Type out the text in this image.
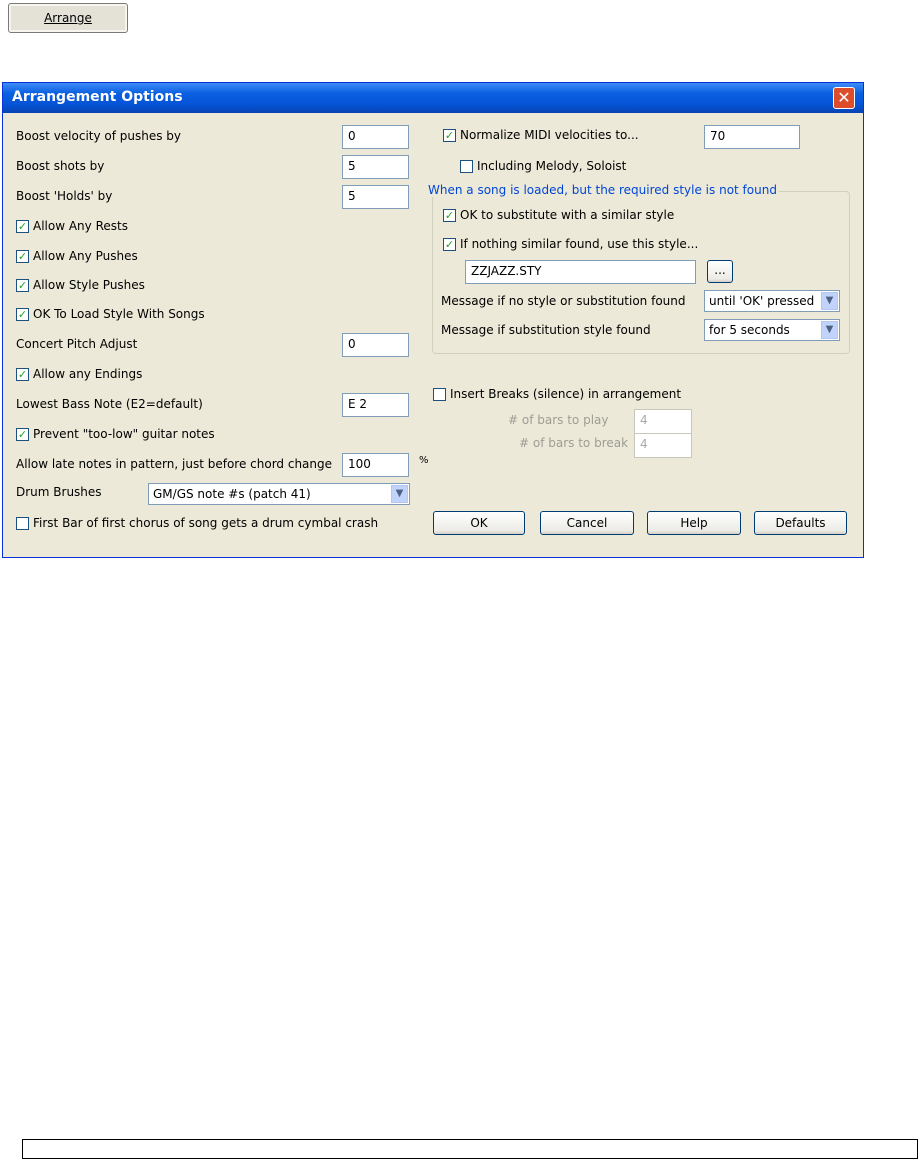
Arrange
Arrangement Options	✕
Boost velocity of pushes by	0
Boost shots by	5
Boost 'Holds' by	5
✓ Allow Any Rests
✓ Allow Any Pushes
✓ Allow Style Pushes
✓ OK To Load Style With Songs
Concert Pitch Adjust	0
✓ Allow any Endings
Lowest Bass Note (E2=default)	E 2
✓ Prevent "too-low" guitar notes
Allow late notes in pattern, just before chord change	100	%
Drum Brushes	GM/GS note #s (patch 41)	▼
First Bar of first chorus of song gets a drum cymbal crash
✓ Normalize MIDI velocities to...	70
Including Melody, Soloist
When a song is loaded, but the required style is not found
✓ OK to substitute with a similar style
✓ If nothing similar found, use this style...
ZZJAZZ.STY	...
Message if no style or substitution found	until 'OK' pressed	▼
Message if substitution style found	for 5 seconds	▼
Insert Breaks (silence) in arrangement
# of bars to play	4
# of bars to break 4
OK	Cancel	Help	Defaults
